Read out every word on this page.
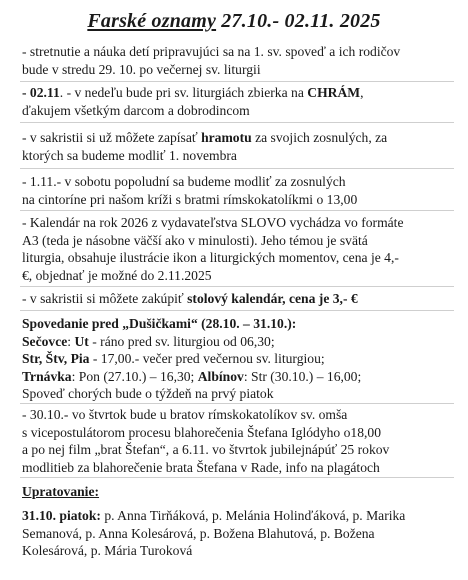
Farské oznamy 27.10.- 02.11. 2025
- stretnutie a náuka detí pripravujúci sa na 1. sv. spoveď a ich rodičov
bude v stredu 29. 10. po večernej sv. liturgii
- 02.11. - v nedeľu bude pri sv. liturgiách zbierka na CHRÁM,
ďakujem všetkým darcom a dobrodincom
- v sakristii si už môžete zapísať hramotu za svojich zosnulých, za
ktorých sa budeme modliť 1. novembra
- 1.11.- v sobotu popoludní sa budeme modliť za zosnulých
na cintoríne pri našom kríži s bratmi rímskokatolíkmi o 13,00
- Kalendár na rok 2026 z vydavateľstva SLOVO vychádza vo formáte
A3 (teda je násobne väčší ako v minulosti). Jeho témou je svätá
liturgia, obsahuje ilustrácie ikon a liturgických momentov, cena je 4,-
€, objednať je možné do 2.11.2025
- v sakristii si môžete zakúpiť stolový kalendár, cena je 3,- €
Spovedanie pred „Dušičkami“ (28.10. – 31.10.):
Sečovce: Ut - ráno pred sv. liturgiou od 06,30;
Str, Štv, Pia - 17,00.- večer pred večernou sv. liturgiou;
Trnávka: Pon (27.10.) – 16,30; Albínov: Str (30.10.) – 16,00;
Spoveď chorých bude o týždeň na prvý piatok
- 30.10.- vo štvrtok bude u bratov rímskokatolíkov sv. omša
s vicepostulátorom procesu blahorečenia Štefana Iglódyho o18,00
a po nej film „brat Štefan“, a 6.11. vo štvrtok jubilejnápúť 25 rokov
modlitieb za blahorečenie brata Štefana v Rade, info na plagátoch
Upratovanie:
31.10. piatok: p. Anna Tirňáková, p. Melánia Holinďáková, p. Marika
Semanová, p. Anna Kolesárová, p. Božena Blahutová, p. Božena
Kolesárová, p. Mária Turoková
